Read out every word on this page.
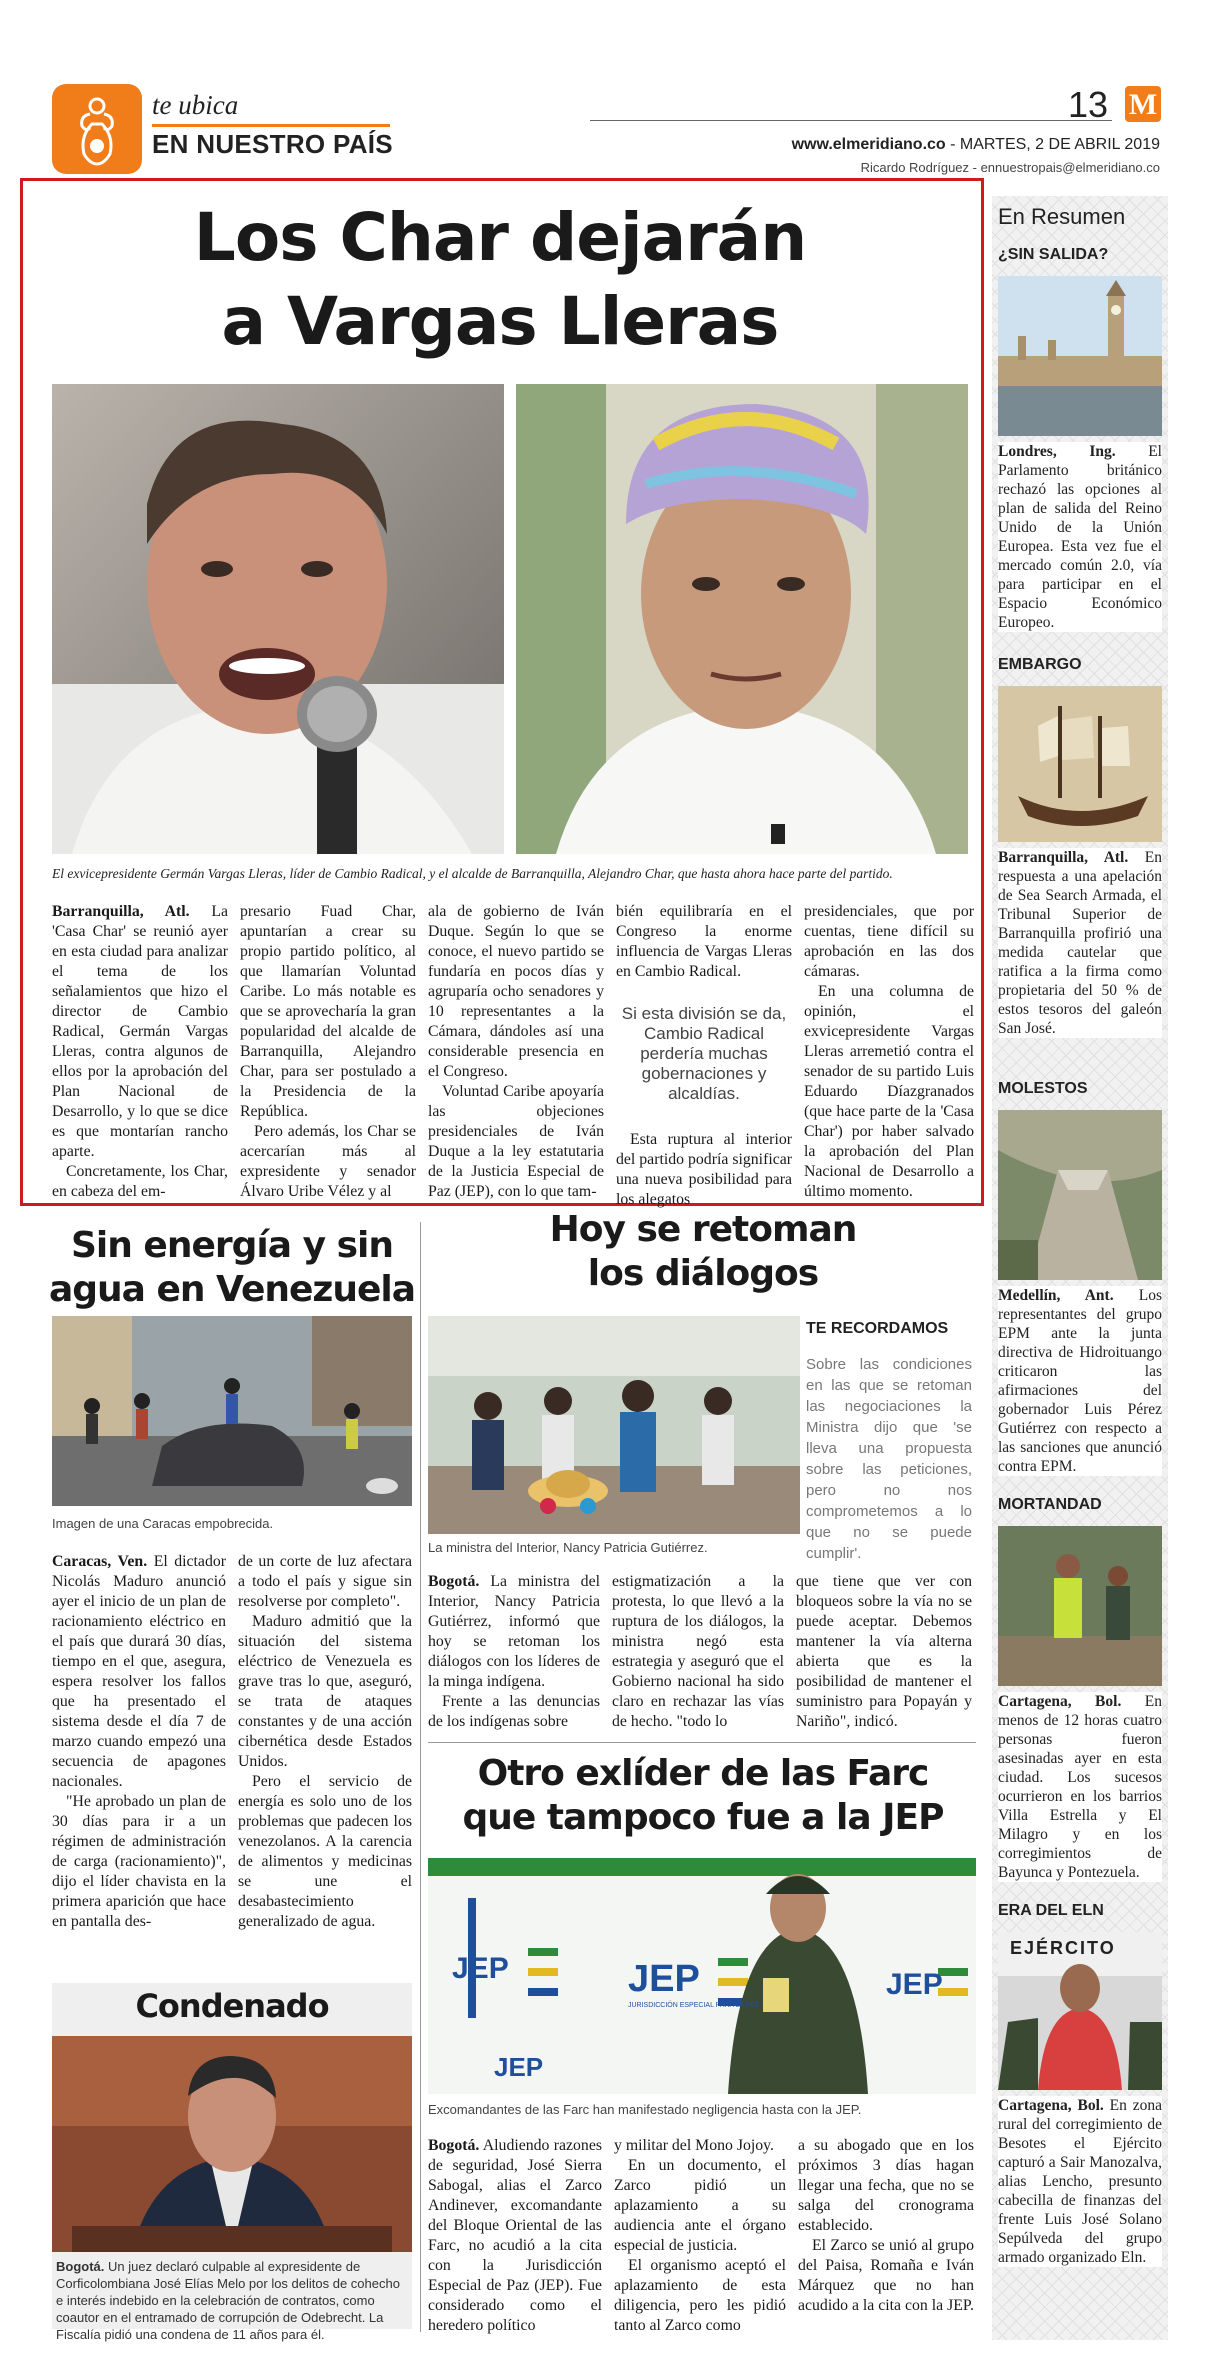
te ubica
EN NUESTRO PAÍS
13 M
www.elmeridiano.co - MARTES, 2 DE ABRIL 2019
Ricardo Rodríguez - ennuestropais@elmeridiano.co
Los Char dejarán
a Vargas Lleras
El exvicepresidente Germán Vargas Lleras, líder de Cambio Radical, y el alcalde de Barranquilla, Alejandro Char, que hasta ahora hace parte del partido.

Barranquilla, Atl. La 'Casa Char' se reunió ayer en esta ciudad para analizar el tema de los señalamientos que hizo el director de Cambio Radical, Germán Vargas Lleras, contra algunos de ellos por la aprobación del Plan Nacional de Desarrollo, y lo que se dice es que montarían rancho aparte.

Concretamente, los Char, en cabeza del em-

presario Fuad Char, apuntarían a crear su propio partido político, al que llamarían Voluntad Caribe. Lo más notable es que se aprovecharía la gran popularidad del alcalde de Barranquilla, Alejandro Char, para ser postulado a la Presidencia de la República.

Pero además, los Char se acercarían más al expresidente y senador Álvaro Uribe Vélez y al

ala de gobierno de Iván Duque. Según lo que se conoce, el nuevo partido se fundaría en pocos días y agruparía ocho senadores y 10 representantes a la Cámara, dándoles así una considerable presencia en el Congreso.

Voluntad Caribe apoyaría las objeciones presidenciales de Iván Duque a la ley estatutaria de la Justicia Especial de Paz (JEP), con lo que tam-

bién equilibraría en el Congreso la enorme influencia de Vargas Lleras en Cambio Radical.

Si esta división se da, Cambio Radical perdería muchas gobernaciones y alcaldías.

Esta ruptura al interior del partido podría significar una nueva posibilidad para los alegatos

presidenciales, que por cuentas, tiene difícil su aprobación en las dos cámaras.

En una columna de opinión, el exvicepresidente Vargas Lleras arremetió contra el senador de su partido Luis Eduardo Díazgranados (que hace parte de la 'Casa Char') por haber salvado la aprobación del Plan Nacional de Desarrollo a último momento.

Sin energía y sin
agua en Venezuela
Imagen de una Caracas empobrecida.

Caracas, Ven. El dictador Nicolás Maduro anunció ayer el inicio de un plan de racionamiento eléctrico en el país que durará 30 días, tiempo en el que, asegura, espera resolver los fallos que ha presentado el sistema desde el día 7 de marzo cuando empezó una secuencia de apagones nacionales.

"He aprobado un plan de 30 días para ir a un régimen de administración de carga (racionamiento)", dijo el líder chavista en la primera aparición que hace en pantalla des-

de un corte de luz afectara a todo el país y sigue sin resolverse por completo".

Maduro admitió que la situación del sistema eléctrico de Venezuela es grave tras lo que, aseguró, se trata de ataques constantes y de una acción cibernética desde Estados Unidos.

Pero el servicio de energía es solo uno de los problemas que padecen los venezolanos. A la carencia de alimentos y medicinas se une el desabastecimiento generalizado de agua.

Condenado
Bogotá. Un juez declaró culpable al expresidente de Corficolombiana José Elías Melo por los delitos de cohecho e interés indebido en la celebración de contratos, como coautor en el entramado de corrupción de Odebrecht. La Fiscalía pidió una condena de 11 años para él.
Hoy se retoman
los diálogos
La ministra del Interior, Nancy Patricia Gutiérrez.
TE RECORDAMOS
Sobre las condiciones en las que se retoman las negociaciones la Ministra dijo que 'se lleva una propuesta sobre las peticiones, pero no nos comprometemos a lo que no se puede cumplir'.

Bogotá. La ministra del Interior, Nancy Patricia Gutiérrez, informó que hoy se retoman los diálogos con los líderes de la minga indígena.

Frente a las denuncias de los indígenas sobre

estigmatización a la protesta, lo que llevó a la ruptura de los diálogos, la ministra negó esta estrategia y aseguró que el Gobierno nacional ha sido claro en rechazar las vías de hecho. "todo lo

que tiene que ver con bloqueos sobre la vía no se puede aceptar. Debemos mantener la vía alterna abierta que es la posibilidad de mantener el suministro para Popayán y Nariño", indicó.

Otro exlíder de las Farc
que tampoco fue a la JEP
JEP	JEP
JURISDICCIÓN ESPECIAL PARA LA PAZ
JEP
JEP
Excomandantes de las Farc han manifestado negligencia hasta con la JEP.

Bogotá. Aludiendo razones de seguridad, José Sierra Sabogal, alias el Zarco Andinever, excomandante del Bloque Oriental de las Farc, no acudió a la cita con la Jurisdicción Especial de Paz (JEP). Fue considerado como el heredero político

y militar del Mono Jojoy.

En un documento, el Zarco pidió un aplazamiento a su audiencia ante el órgano especial de justicia.

El organismo aceptó el aplazamiento de esta diligencia, pero les pidió tanto al Zarco como

a su abogado que en los próximos 3 días hagan llegar una fecha, que no se salga del cronograma establecido.

El Zarco se unió al grupo del Paisa, Romaña e Iván Márquez que no han acudido a la cita con la JEP.

En Resumen
¿SIN SALIDA?
Londres, Ing. El Parlamento británico rechazó las opciones al plan de salida del Reino Unido de la Unión Europea. Esta vez fue el mercado común 2.0, vía para participar en el Espacio Económico Europeo.
EMBARGO
Barranquilla, Atl. En respuesta a una apelación de Sea Search Armada, el Tribunal Superior de Barranquilla profirió una medida cautelar que ratifica a la firma como propietaria del 50 % de estos tesoros del galeón San José.
MOLESTOS
Medellín, Ant. Los representantes del grupo EPM ante la junta directiva de Hidroituango criticaron las afirmaciones del gobernador Luis Pérez Gutiérrez con respecto a las sanciones que anunció contra EPM.
MORTANDAD
Cartagena, Bol. En menos de 12 horas cuatro personas fueron asesinadas ayer en esta ciudad. Los sucesos ocurrieron en los barrios Villa Estrella y El Milagro y en los corregimientos de Bayunca y Pontezuela.
ERA DEL ELN
EJÉRCITO
Cartagena, Bol. En zona rural del corregimiento de Besotes el Ejército capturó a Sair Manozalva, alias Lencho, presunto cabecilla de finanzas del frente Luis José Solano Sepúlveda del grupo armado organizado Eln.
